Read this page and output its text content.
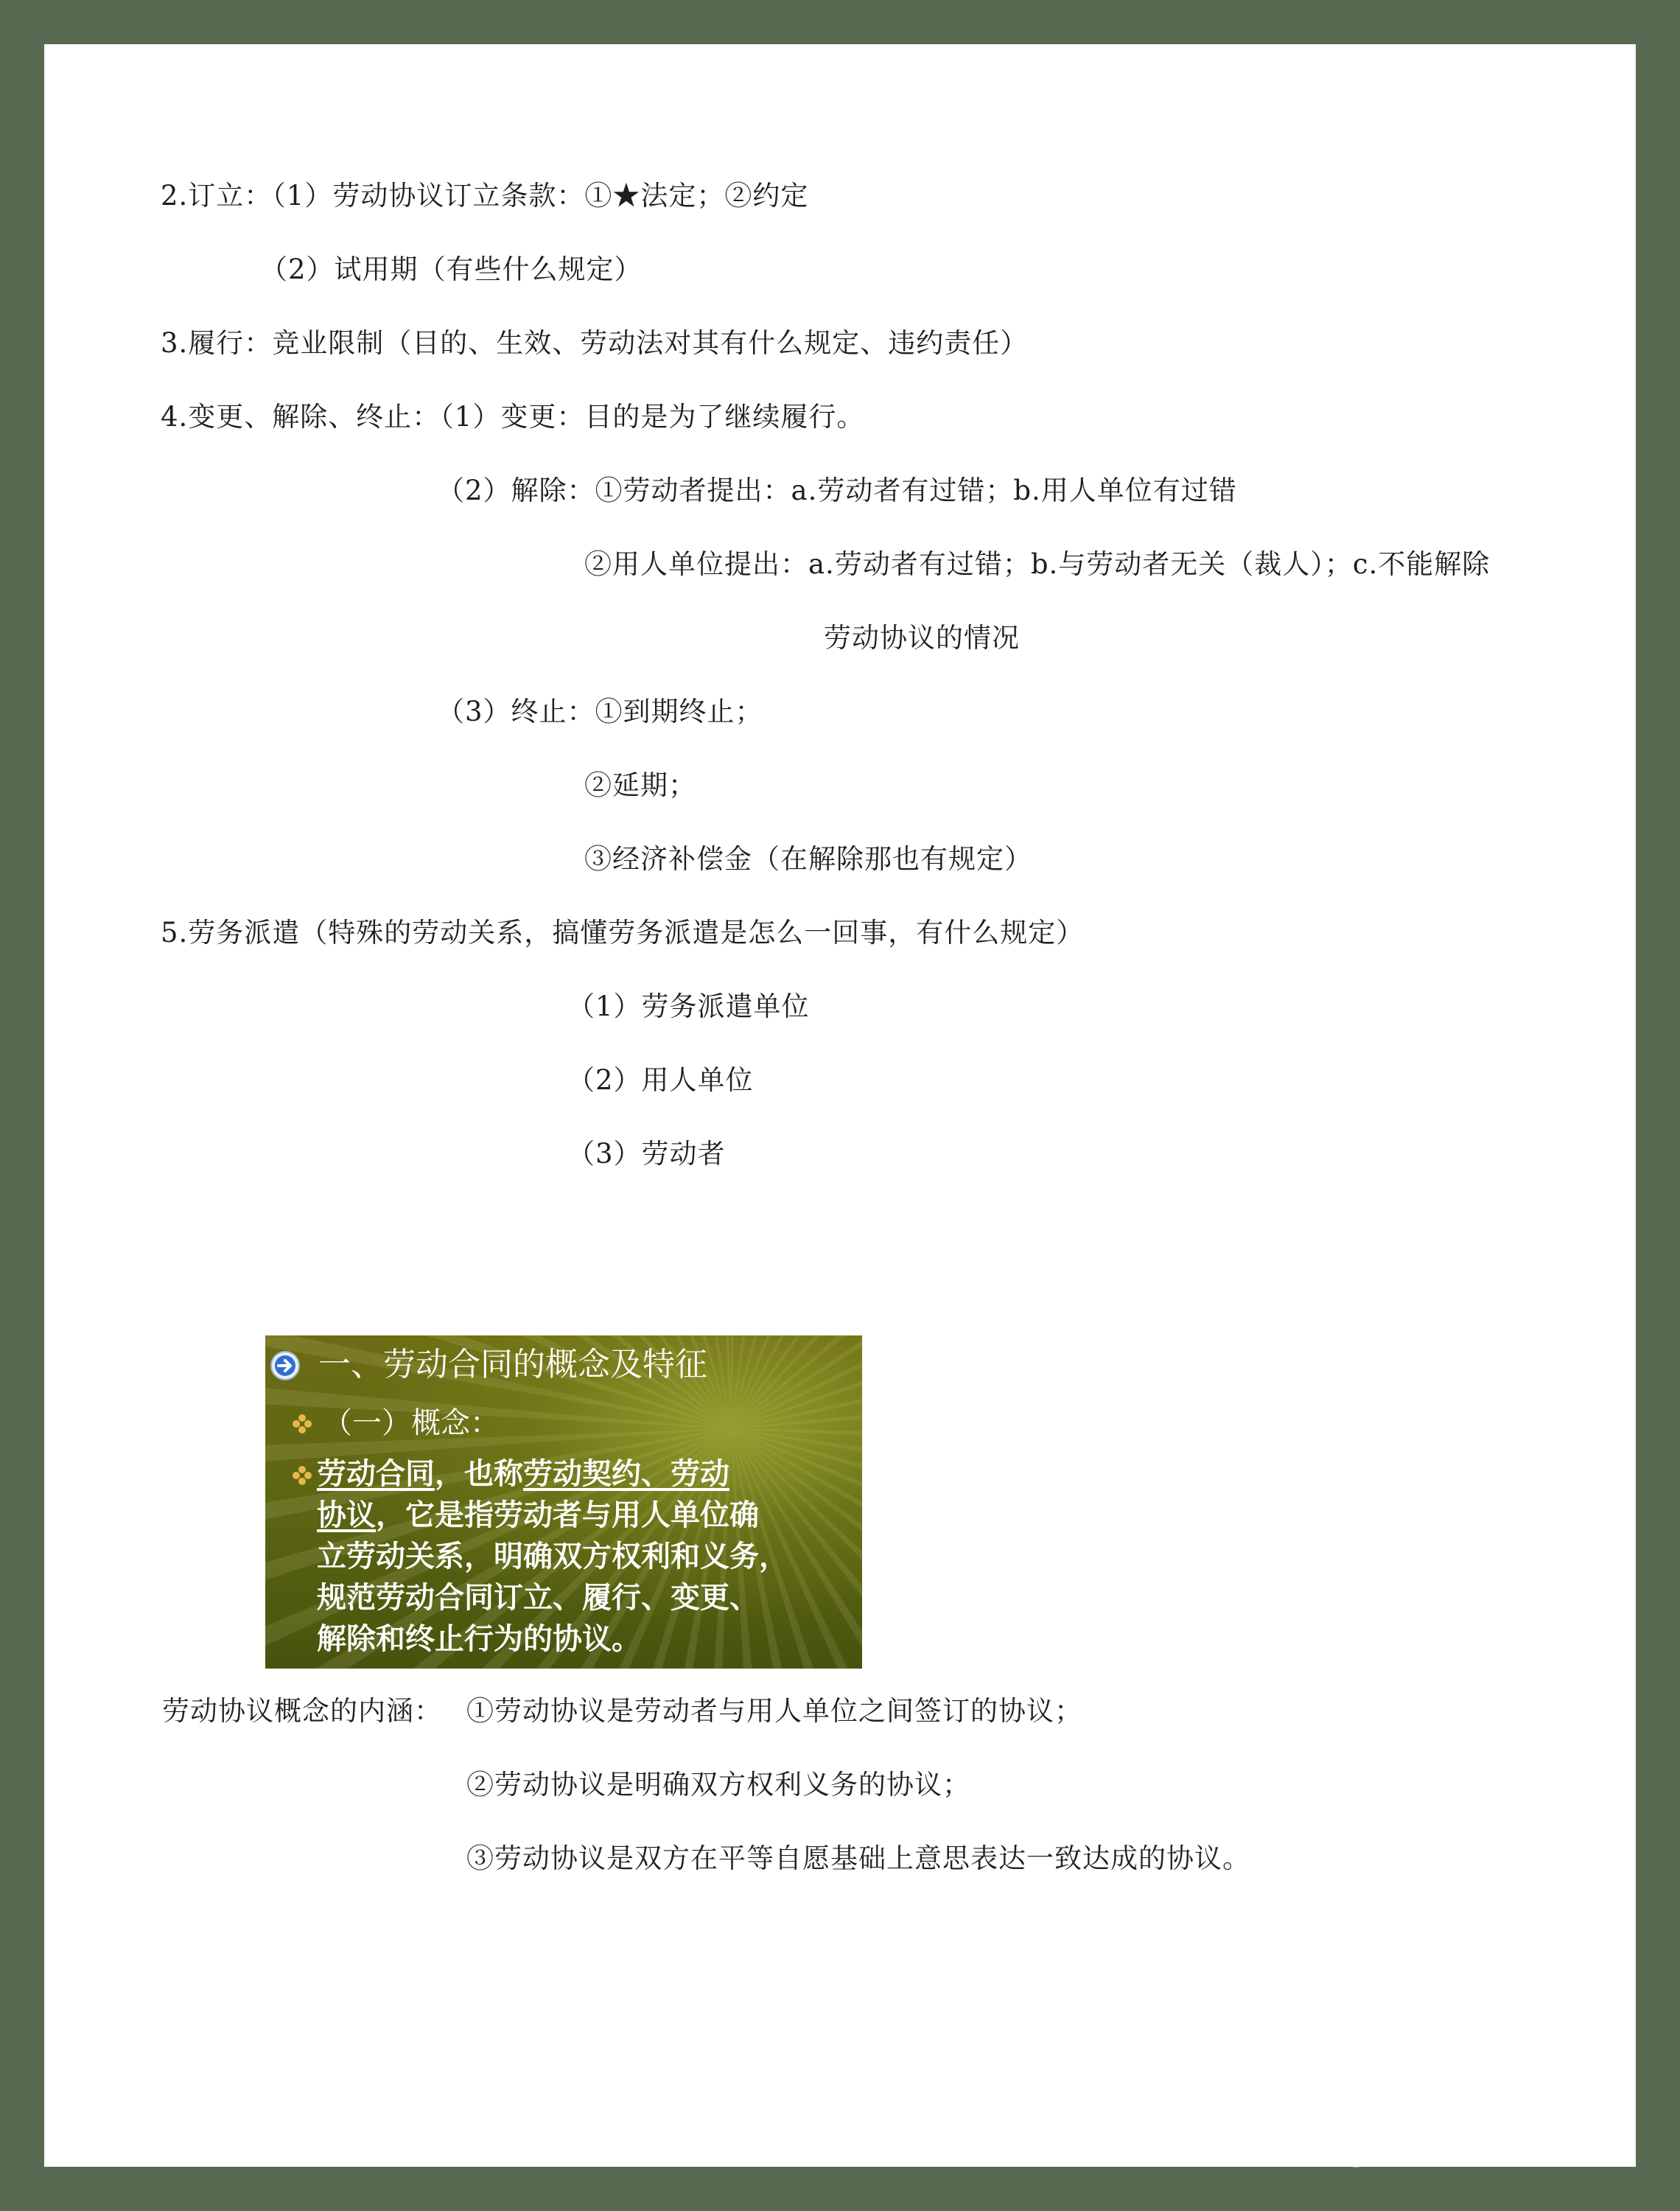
2.订立：（1）劳动协议订立条款：①★法定；②约定
（2）试用期（有些什么规定）
3.履行：竞业限制（目的、生效、劳动法对其有什么规定、违约责任）
4.变更、解除、终止：（1）变更：目的是为了继续履行。
（2）解除：①劳动者提出：a.劳动者有过错；b.用人单位有过错
②用人单位提出：a.劳动者有过错；b.与劳动者无关（裁人）；c.不能解除
劳动协议的情况
（3）终止：①到期终止；
②延期；
③经济补偿金（在解除那也有规定）
5.劳务派遣（特殊的劳动关系，搞懂劳务派遣是怎么一回事，有什么规定）
（1）劳务派遣单位
（2）用人单位
（3）劳动者
一、劳动合同的概念及特征
（一）概念：
劳动合同，也称劳动契约、劳动
协议，它是指劳动者与用人单位确
立劳动关系，明确双方权利和义务，
规范劳动合同订立、履行、变更、
解除和终止行为的协议。
劳动协议概念的内涵： ①劳动协议是劳动者与用人单位之间签订的协议；
②劳动协议是明确双方权利义务的协议；
③劳动协议是双方在平等自愿基础上意思表达一致达成的协议。
知乎 @大学资料库
